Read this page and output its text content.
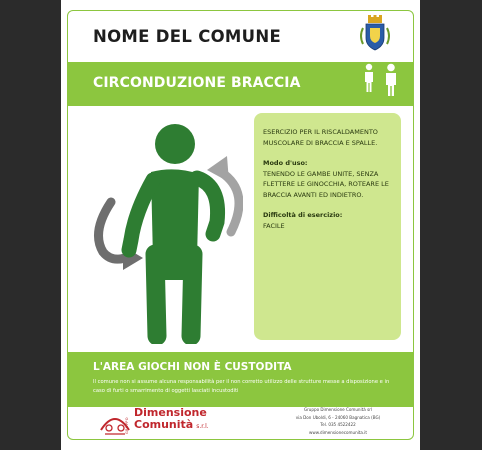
NOME DEL COMUNE
CIRCONDUZIONE BRACCIA
8X 10X

ESERCIZIO PER IL RISCALDAMENTO MUSCOLARE DI BRACCIA E SPALLE.

Modo d'uso:
TENENDO LE GAMBE UNITE, SENZA FLETTERE LE GINOCCHIA, ROTEARE LE BRACCIA AVANTI ED INDIETRO.

Difficoltà di esercizio:
FACILE

L'AREA GIOCHI NON È CUSTODITA
Il comune non si assume alcuna responsabilità per il non corretto utilizzo delle strutture messe a disposizione e in caso di furti o smarrimento di oggetti lasciati incustoditi
GRUPPO
Dimensione
Comunità s.r.l.
Gruppo Dimensione Comunità srl
via Don Uboldi, 6 - 24060 Bagnatica (BG)
Tel. 035 4522422
www.dimensionecomunita.it
